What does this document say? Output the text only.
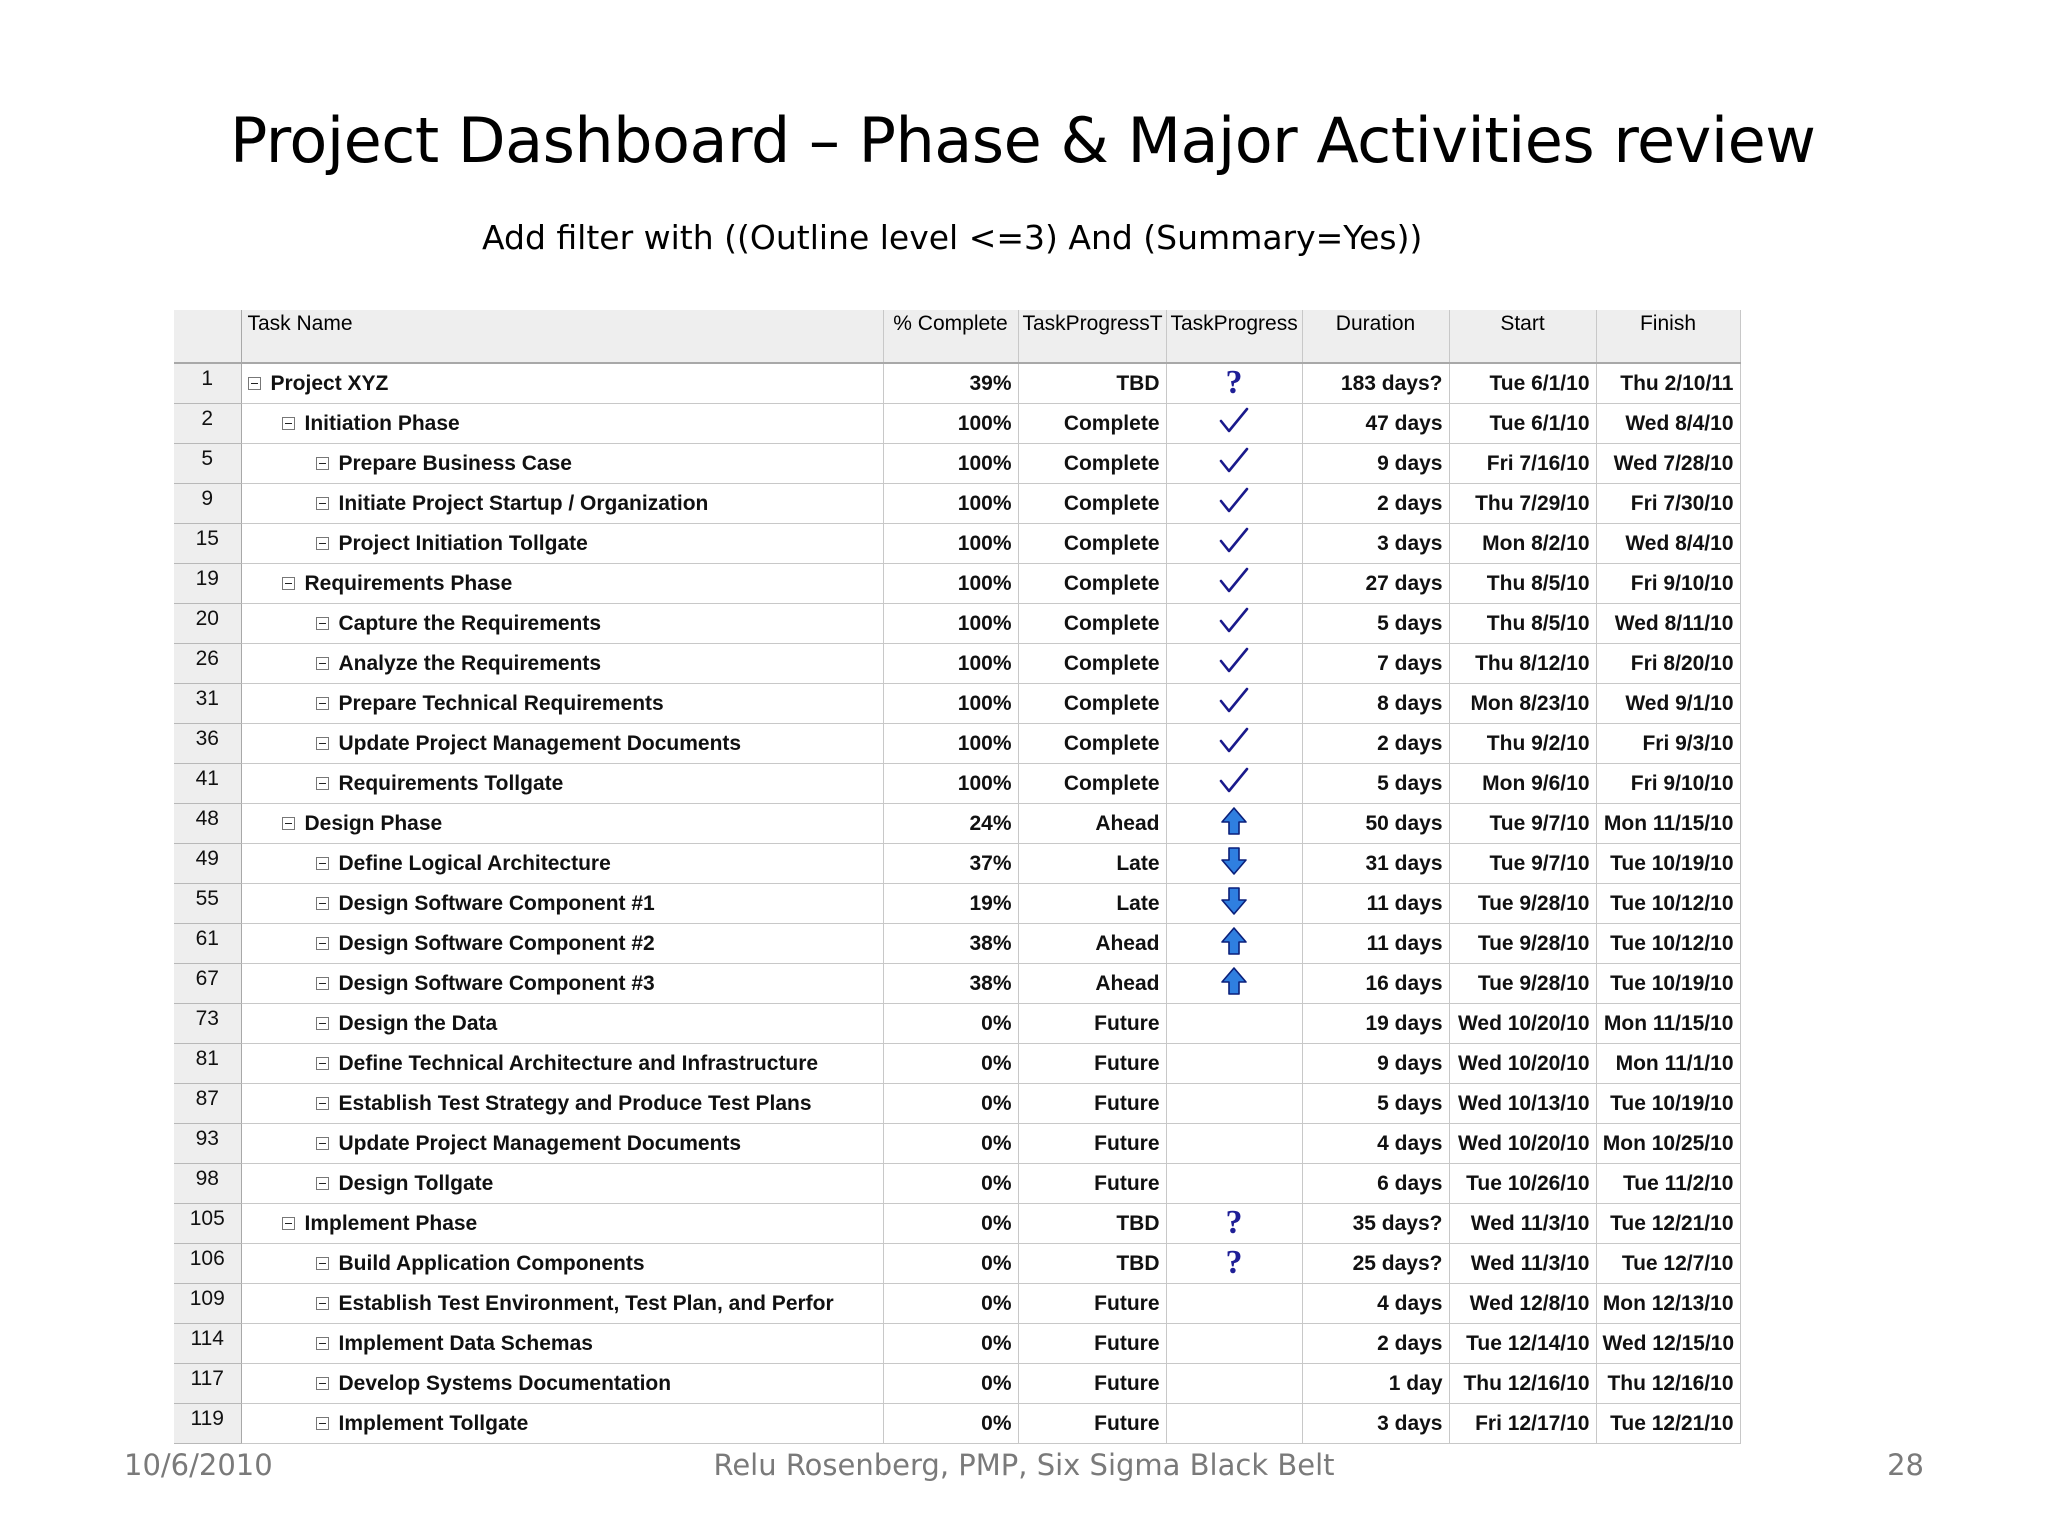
Project Dashboard – Phase & Major Activities review
Add filter with ((Outline level <=3) And (Summary=Yes))
	Task Name	% Complete	TaskProgressT	TaskProgress	Duration	Start	Finish
1	Project XYZ	39%	TBD	?	183 days?	Tue 6/1/10	Thu 2/10/11
2	Initiation Phase	100%	Complete		47 days	Tue 6/1/10	Wed 8/4/10
5	Prepare Business Case	100%	Complete		9 days	Fri 7/16/10	Wed 7/28/10
9	Initiate Project Startup / Organization	100%	Complete		2 days	Thu 7/29/10	Fri 7/30/10
15	Project Initiation Tollgate	100%	Complete		3 days	Mon 8/2/10	Wed 8/4/10
19	Requirements Phase	100%	Complete		27 days	Thu 8/5/10	Fri 9/10/10
20	Capture the Requirements	100%	Complete		5 days	Thu 8/5/10	Wed 8/11/10
26	Analyze the Requirements	100%	Complete		7 days	Thu 8/12/10	Fri 8/20/10
31	Prepare Technical Requirements	100%	Complete		8 days	Mon 8/23/10	Wed 9/1/10
36	Update Project Management Documents	100%	Complete		2 days	Thu 9/2/10	Fri 9/3/10
41	Requirements Tollgate	100%	Complete		5 days	Mon 9/6/10	Fri 9/10/10
48	Design Phase	24%	Ahead		50 days	Tue 9/7/10	Mon 11/15/10
49	Define Logical Architecture	37%	Late		31 days	Tue 9/7/10	Tue 10/19/10
55	Design Software Component #1	19%	Late		11 days	Tue 9/28/10	Tue 10/12/10
61	Design Software Component #2	38%	Ahead		11 days	Tue 9/28/10	Tue 10/12/10
67	Design Software Component #3	38%	Ahead		16 days	Tue 9/28/10	Tue 10/19/10
73	Design the Data	0%	Future		19 days	Wed 10/20/10	Mon 11/15/10
81	Define Technical Architecture and Infrastructure	0%	Future		9 days	Wed 10/20/10	Mon 11/1/10
87	Establish Test Strategy and Produce Test Plans	0%	Future		5 days	Wed 10/13/10	Tue 10/19/10
93	Update Project Management Documents	0%	Future		4 days	Wed 10/20/10	Mon 10/25/10
98	Design Tollgate	0%	Future		6 days	Tue 10/26/10	Tue 11/2/10
105	Implement Phase	0%	TBD	?	35 days?	Wed 11/3/10	Tue 12/21/10
106	Build Application Components	0%	TBD	?	25 days?	Wed 11/3/10	Tue 12/7/10
109	Establish Test Environment, Test Plan, and Perfor	0%	Future		4 days	Wed 12/8/10	Mon 12/13/10
114	Implement Data Schemas	0%	Future		2 days	Tue 12/14/10	Wed 12/15/10
117	Develop Systems Documentation	0%	Future		1 day	Thu 12/16/10	Thu 12/16/10
119	Implement Tollgate	0%	Future		3 days	Fri 12/17/10	Tue 12/21/10
10/6/2010	Relu Rosenberg, PMP, Six Sigma Black Belt	28
